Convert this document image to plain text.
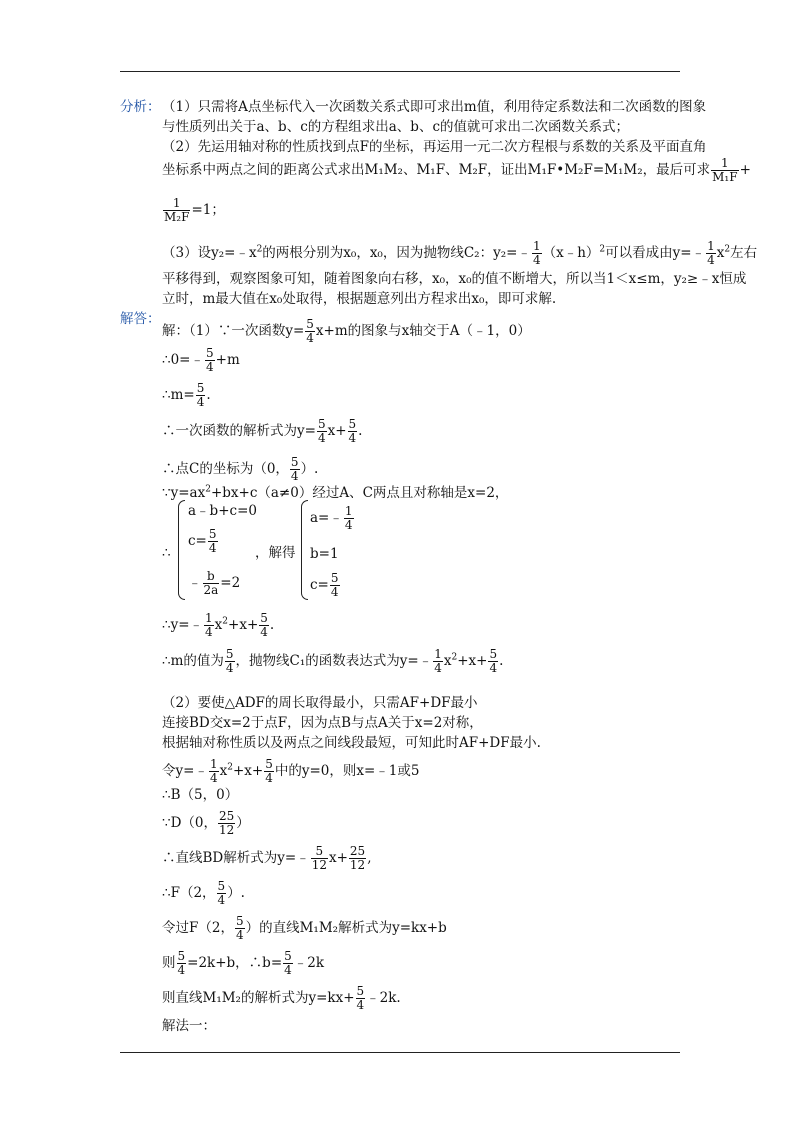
分析： （1）只需将A点坐标代入一次函数关系式即可求出m值，利用待定系数法和二次函数的图象
与性质列出关于a、b、c的方程组求出a、b、c的值就可求出二次函数关系式；
（2）先运用轴对称的性质找到点F的坐标，再运用一元二次方程根与系数的关系及平面直角
坐标系中两点之间的距离公式求出M₁M₂、M₁F、M₂F，证出M₁F•M₂F=M₁M₂，最后可求 $\frac{1}{\text{M₁F}}$ +
$\frac{1}{\text{M₂F}} =1$；
（3）设$y_2=﹣x^2$的两根分别为x₀，x₀，因为抛物线C₂：y₂=﹣ $\frac{1}{4}$ （x﹣h）$^2$可以看成由y=﹣ $\frac{1}{4} x^2$左右
平移得到，观察图象可知，随着图象向右移，x₀，x₀的值不断增大，所以当1＜x≤m，y₂≥﹣x恒成
立时，m最大值在x₀处取得，根据题意列出方程求出x₀，即可求解.
解答：
解：（1）∵一次函数$y= \frac{5}{4} x+m$的图象与x轴交于A（﹣1，0）
∴0=﹣ $\frac{5}{4} +m$
∴m= $\frac{5}{4}$ .
∴一次函数的解析式为$y= \frac{5}{4} x+ \frac{5}{4}$ .
∴点C的坐标为（0， $\frac{5}{4}$ ）.
$\because y=ax^2+bx+c(a\ne 0)$经过A、C两点且对称轴是x=2，
∴
a﹣b+c=0
$c= \frac{5}{4}$
﹣ $\frac{b}{2a} =2$
，解得
a=﹣ $\frac{1}{4}$
b=1
$c= \frac{5}{4}$
∴y=﹣ $\frac{1}{4} x^2+x+ \frac{5}{4}$ .
∴m的值为 $\frac{5}{4}$ ，抛物线C₁的函数表达式为y=﹣ $\frac{1}{4} x^2+x+ \frac{5}{4}$ .
（2）要使△ADF的周长取得最小，只需AF+DF最小
连接BD交x=2于点F，因为点B与点A关于x=2对称，
根据轴对称性质以及两点之间线段最短，可知此时AF+DF最小.
令y=﹣ $\frac{1}{4} x^2+x+ \frac{5}{4}$ 中的y=0，则x=﹣1或5
∴B（5，0）
∵D（0， $\frac{25}{12}$ ）
∴直线BD解析式为y=﹣ $\frac{5}{12} x+ \frac{25}{12}$ ,
∴F（2， $\frac{5}{4}$ ）.
令过F（2， $\frac{5}{4}$ ）的直线M₁M₂解析式为y=kx+b
则 $\frac{5}{4} =2k+b$，∴b= $\frac{5}{4}$ ﹣2k
则直线M₁M₂的解析式为$y=kx+ \frac{5}{4}$ ﹣2k.
解法一：
